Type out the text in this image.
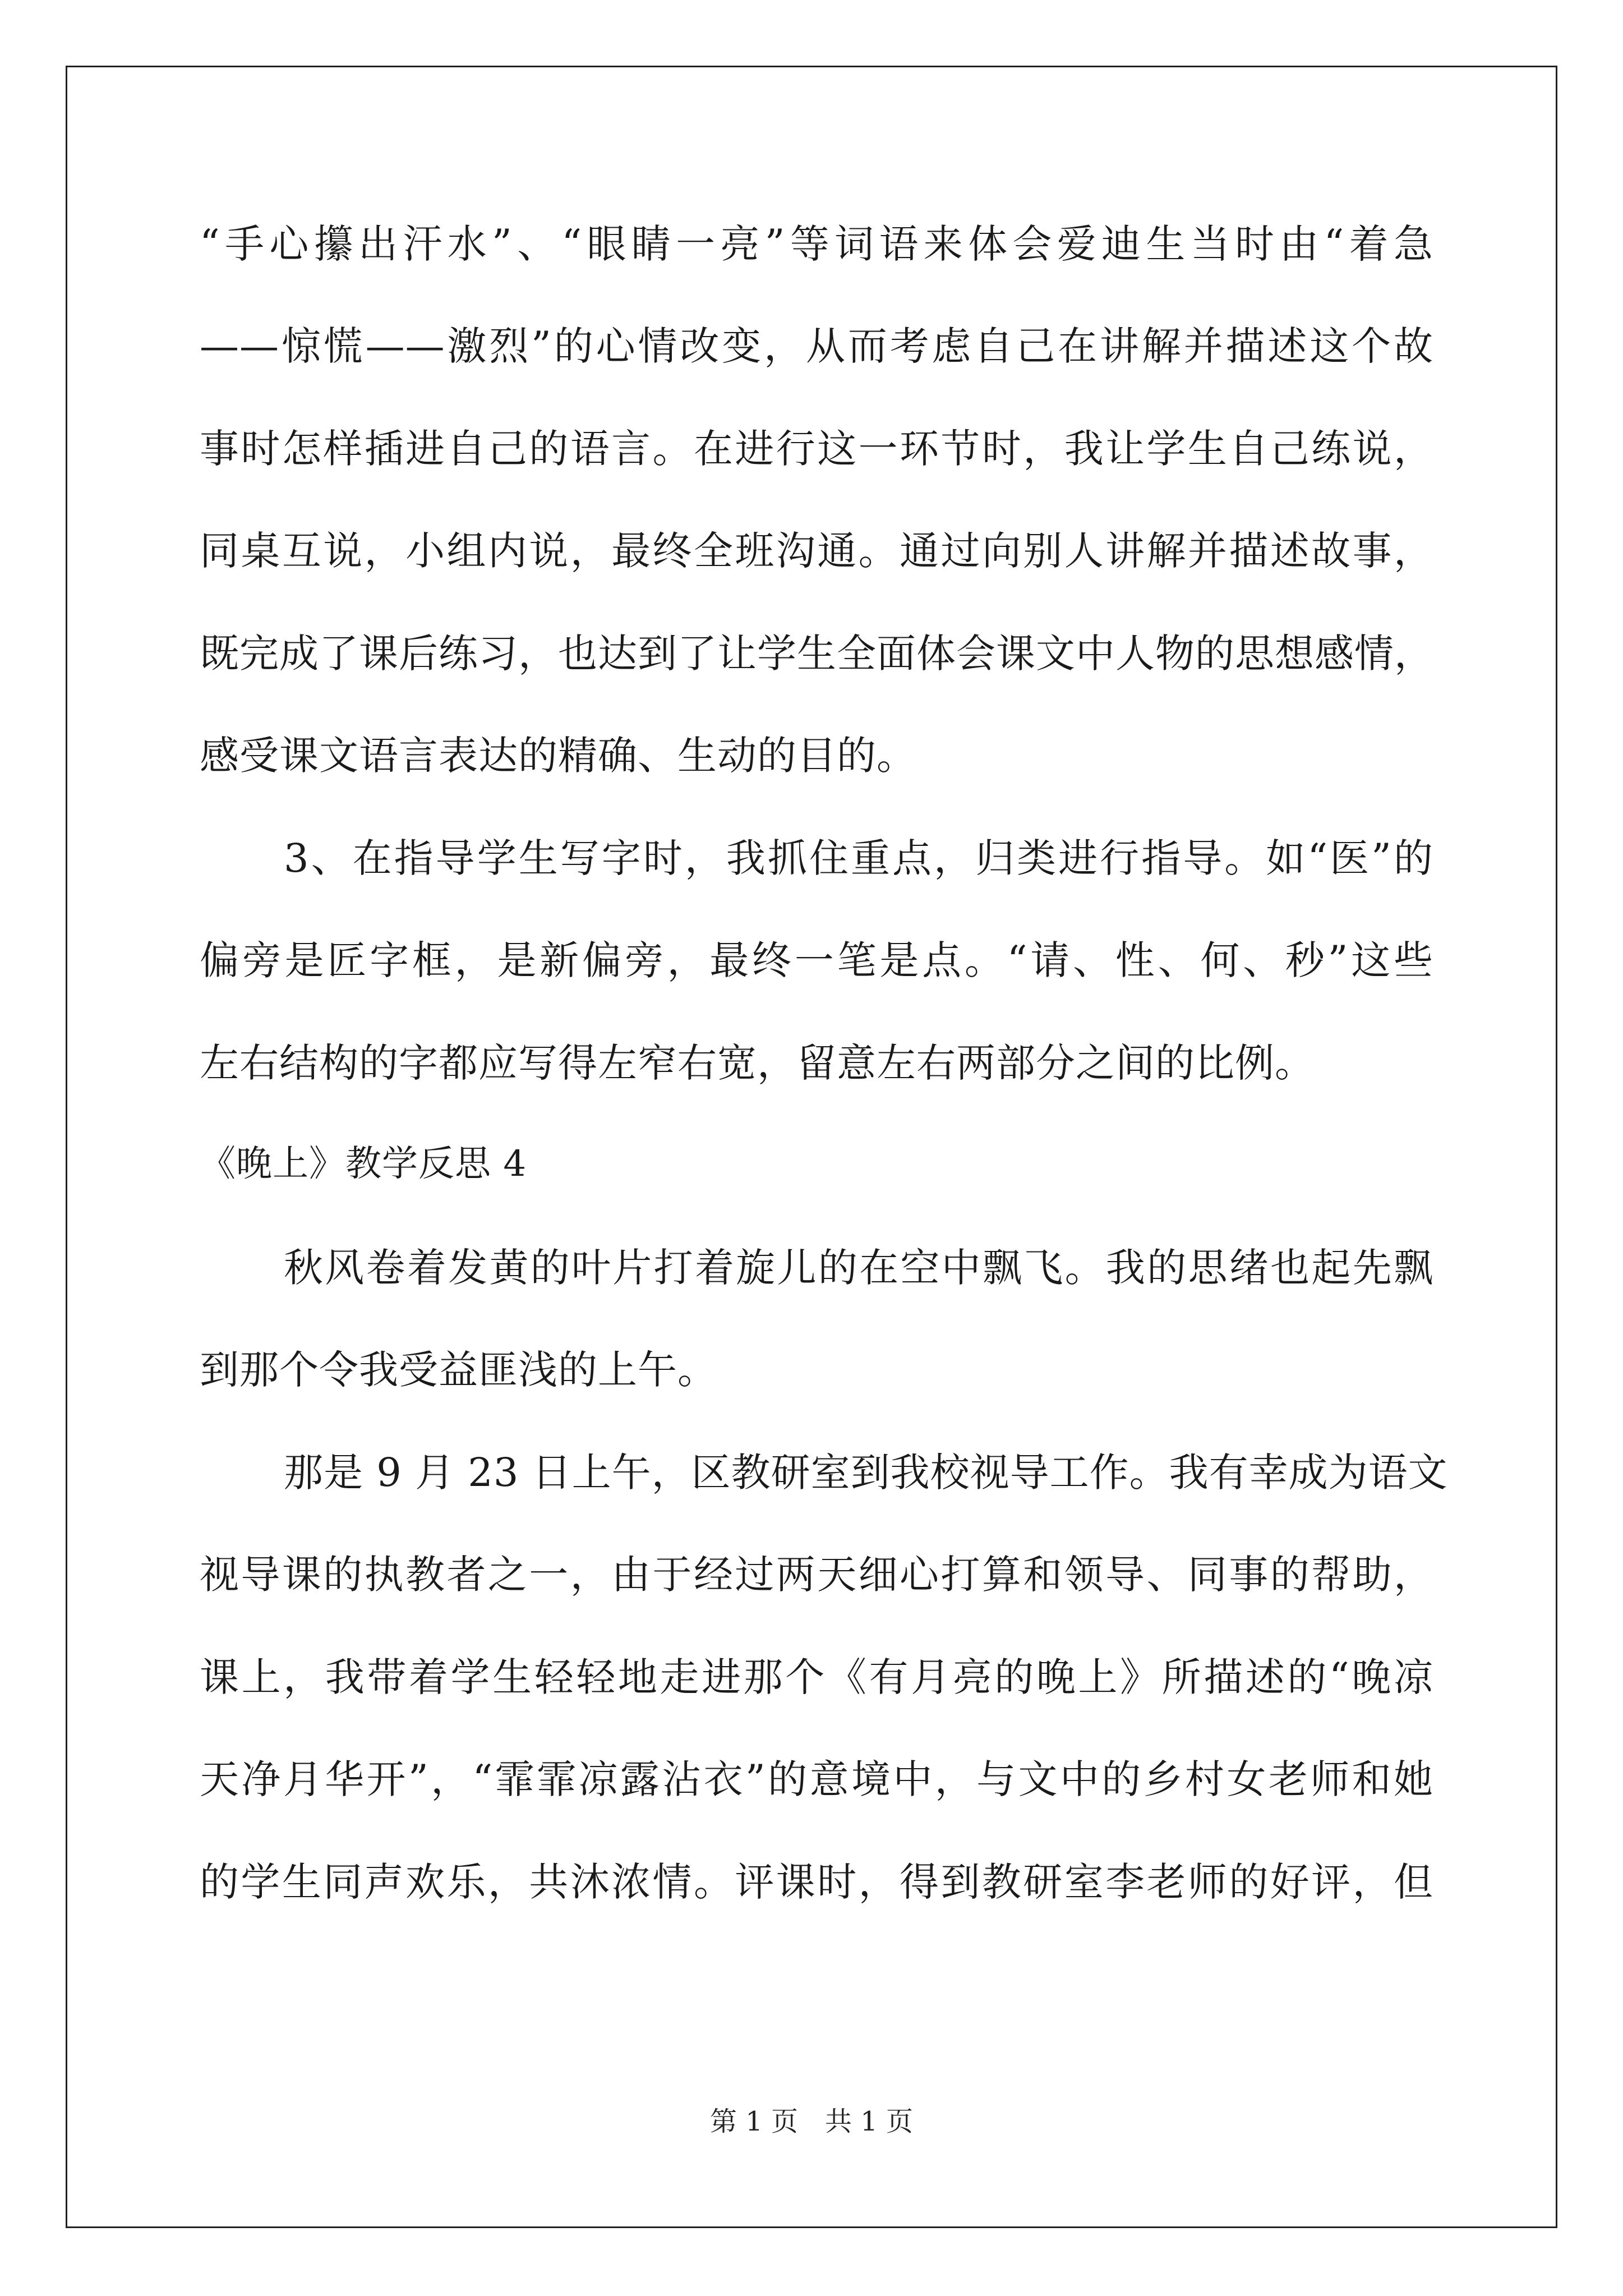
“手心攥出汗水”、“眼睛一亮”等词语来体会爱迪生当时由“着急
——惊慌——激烈”的心情改变，从而考虑自己在讲解并描述这个故
事时怎样插进自己的语言。在进行这一环节时，我让学生自己练说，
同桌互说，小组内说，最终全班沟通。通过向别人讲解并描述故事，
既完成了课后练习，也达到了让学生全面体会课文中人物的思想感情，
感受课文语言表达的精确、生动的目的。
3、在指导学生写字时，我抓住重点，归类进行指导。如“医”的
偏旁是匠字框，是新偏旁，最终一笔是点。“请、性、何、秒”这些
左右结构的字都应写得左窄右宽，留意左右两部分之间的比例。
《晚上》教学反思 4
秋风卷着发黄的叶片打着旋儿的在空中飘飞。我的思绪也起先飘
到那个令我受益匪浅的上午。
那是 9 月 23 日上午，区教研室到我校视导工作。我有幸成为语文
视导课的执教者之一，由于经过两天细心打算和领导、同事的帮助，
课上，我带着学生轻轻地走进那个《有月亮的晚上》所描述的“晚凉
天净月华开”，“霏霏凉露沾衣”的意境中，与文中的乡村女老师和她
的学生同声欢乐，共沐浓情。评课时，得到教研室李老师的好评，但
第 1 页　共 1 页
